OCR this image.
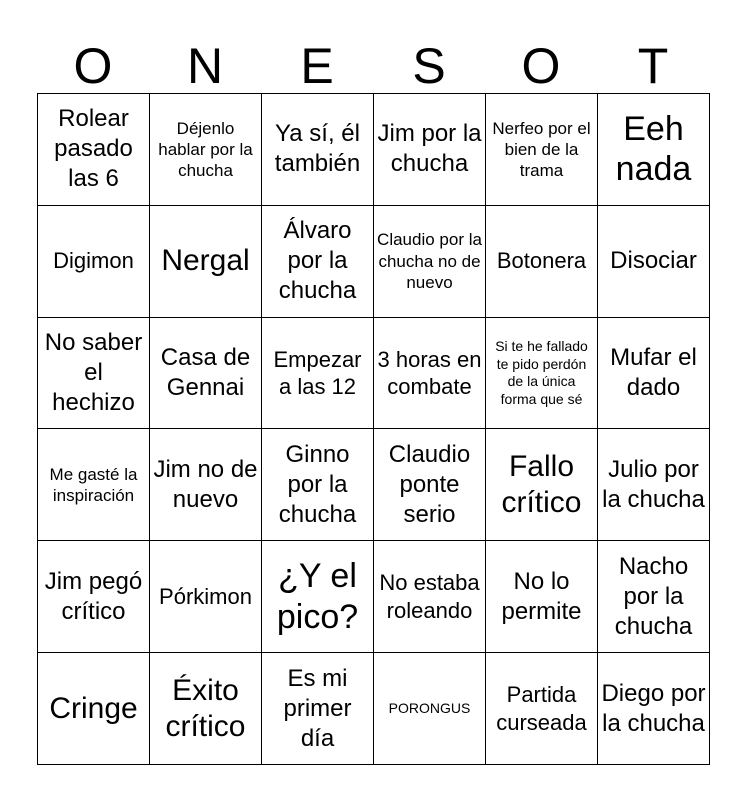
O	N	E	S	O	T
Rolear pasado las 6	Déjenlo hablar por la chucha	Ya sí, él también	Jim por la chucha	Nerfeo por el bien de la trama	Eeh nada
Digimon	Nergal	Álvaro por la chucha	Claudio por la chucha no de nuevo	Botonera	Disociar
No saber el hechizo	Casa de Gennai	Empezar a las 12	3 horas en combate	Si te he fallado te pido perdón de la única forma que sé	Mufar el dado
Me gasté la inspiración	Jim no de nuevo	Ginno por la chucha	Claudio ponte serio	Fallo crítico	Julio por la chucha
Jim pegó crítico	Pórkimon	¿Y el pico?	No estaba roleando	No lo permite	Nacho por la chucha
Cringe	Éxito crítico	Es mi primer día	PORONGUS	Partida curseada	Diego por la chucha
